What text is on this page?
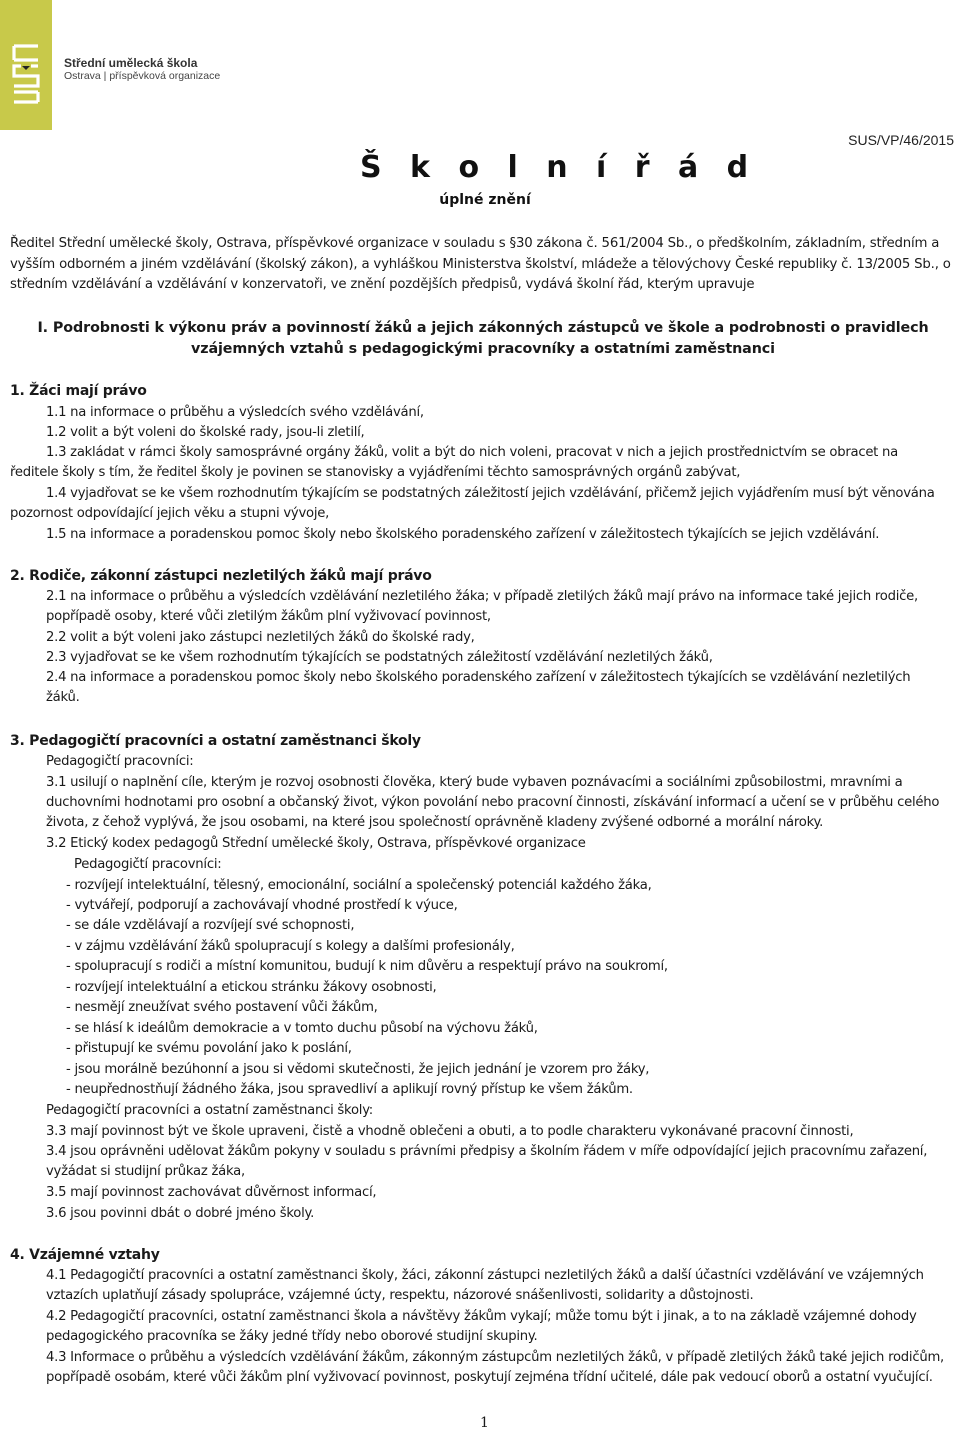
Střední umělecká škola
Ostrava | příspěvková organizace
SUS/VP/46/2015
Š k o l n í ř á d
úplné znění

Ředitel Střední umělecké školy, Ostrava, příspěvkové organizace v souladu s §30 zákona č. 561/2004 Sb., o předškolním, základním, středním a vyšším odborném a jiném vzdělávání (školský zákon), a vyhláškou Ministerstva školství, mládeže a tělovýchovy České republiky č. 13/2005 Sb., o středním vzdělávání a vzdělávání v konzervatoři, ve znění pozdějších předpisů, vydává školní řád, kterým upravuje

I. Podrobnosti k výkonu práv a povinností žáků a jejich zákonných zástupců ve škole a podrobnosti o pravidlech vzájemných vztahů s pedagogickými pracovníky a ostatními zaměstnanci

1. Žáci mají právo

1.1 na informace o průběhu a výsledcích svého vzdělávání,

1.2 volit a být voleni do školské rady, jsou-li zletilí,

1.3 zakládat v rámci školy samosprávné orgány žáků, volit a být do nich voleni, pracovat v nich a jejich prostřednictvím se obracet na ředitele školy s tím, že ředitel školy je povinen se stanovisky a vyjádřeními těchto samosprávných orgánů zabývat,

1.4 vyjadřovat se ke všem rozhodnutím týkajícím se podstatných záležitostí jejich vzdělávání, přičemž jejich vyjádřením musí být věnována pozornost odpovídající jejich věku a stupni vývoje,

1.5 na informace a poradenskou pomoc školy nebo školského poradenského zařízení v záležitostech týkajících se jejich vzdělávání.

2. Rodiče, zákonní zástupci nezletilých žáků mají právo

2.1 na informace o průběhu a výsledcích vzdělávání nezletilého žáka; v případě zletilých žáků mají právo na informace také jejich rodiče, popřípadě osoby, které vůči zletilým žákům plní vyživovací povinnost,

2.2 volit a být voleni jako zástupci nezletilých žáků do školské rady,

2.3 vyjadřovat se ke všem rozhodnutím týkajících se podstatných záležitostí vzdělávání nezletilých žáků,

2.4 na informace a poradenskou pomoc školy nebo školského poradenského zařízení v záležitostech týkajících se vzdělávání nezletilých žáků.

3. Pedagogičtí pracovníci a ostatní zaměstnanci školy

Pedagogičtí pracovníci:

3.1 usilují o naplnění cíle, kterým je rozvoj osobnosti člověka, který bude vybaven poznávacími a sociálními způsobilostmi, mravními a duchovními hodnotami pro osobní a občanský život, výkon povolání nebo pracovní činnosti, získávání informací a učení se v průběhu celého života, z čehož vyplývá, že jsou osobami, na které jsou společností oprávněně kladeny zvýšené odborné a morální nároky.

3.2 Etický kodex pedagogů Střední umělecké školy, Ostrava, příspěvkové organizace

Pedagogičtí pracovníci:

- rozvíjejí intelektuální, tělesný, emocionální, sociální a společenský potenciál každého žáka,

- vytvářejí, podporují a zachovávají vhodné prostředí k výuce,

- se dále vzdělávají a rozvíjejí své schopnosti,

- v zájmu vzdělávání žáků spolupracují s kolegy a dalšími profesionály,

- spolupracují s rodiči a místní komunitou, budují k nim důvěru a respektují právo na soukromí,

- rozvíjejí intelektuální a etickou stránku žákovy osobnosti,

- nesmějí zneužívat svého postavení vůči žákům,

- se hlásí k ideálům demokracie a v tomto duchu působí na výchovu žáků,

- přistupují ke svému povolání jako k poslání,

- jsou morálně bezúhonní a jsou si vědomi skutečnosti, že jejich jednání je vzorem pro žáky,

- neupřednostňují žádného žáka, jsou spravedliví a aplikují rovný přístup ke všem žákům.

Pedagogičtí pracovníci a ostatní zaměstnanci školy:

3.3 mají povinnost být ve škole upraveni, čistě a vhodně oblečeni a obuti, a to podle charakteru vykonávané pracovní činnosti,

3.4 jsou oprávněni udělovat žákům pokyny v souladu s právními předpisy a školním řádem v míře odpovídající jejich pracovnímu zařazení, vyžádat si studijní průkaz žáka,

3.5 mají povinnost zachovávat důvěrnost informací,

3.6 jsou povinni dbát o dobré jméno školy.

4. Vzájemné vztahy

4.1 Pedagogičtí pracovníci a ostatní zaměstnanci školy, žáci, zákonní zástupci nezletilých žáků a další účastníci vzdělávání ve vzájemných vztazích uplatňují zásady spolupráce, vzájemné úcty, respektu, názorové snášenlivosti, solidarity a důstojnosti.

4.2 Pedagogičtí pracovníci, ostatní zaměstnanci škola a návštěvy žákům vykají; může tomu být i jinak, a to na základě vzájemné dohody pedagogického pracovníka se žáky jedné třídy nebo oborové studijní skupiny.

4.3 Informace o průběhu a výsledcích vzdělávání žákům, zákonným zástupcům nezletilých žáků, v případě zletilých žáků také jejich rodičům, popřípadě osobám, které vůči žákům plní vyživovací povinnost, poskytují zejména třídní učitelé, dále pak vedoucí oborů a ostatní vyučující.

1
